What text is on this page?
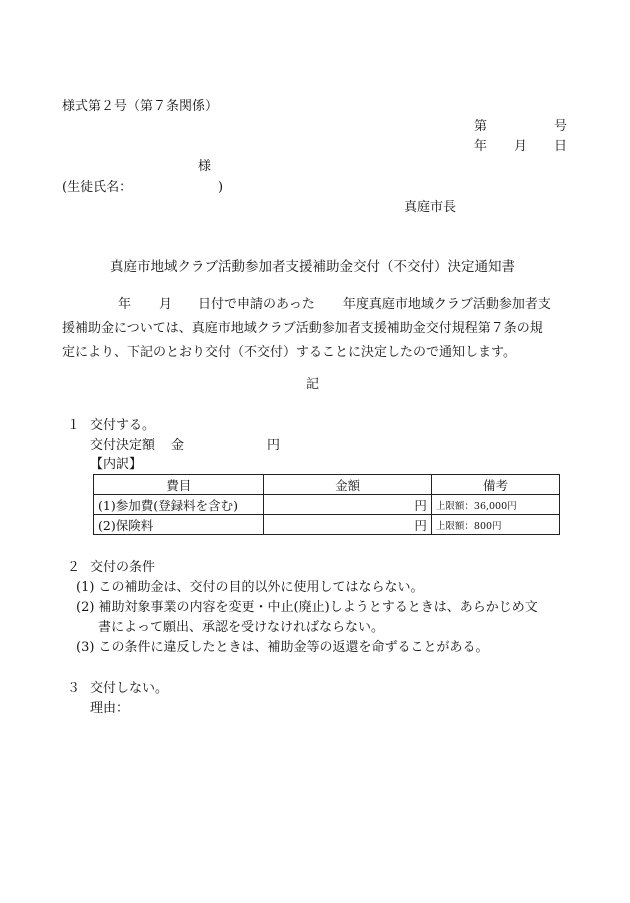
様式第２号（第７条関係）
第	号
年 月 日
様
(生徒氏名：	)
真庭市長
真庭市地域クラブ活動参加者支援補助金交付（不交付）決定通知書
年 月 日付で申請のあった 年度真庭市地域クラブ活動参加者支
援補助金については、真庭市地域クラブ活動参加者支援補助金交付規程第７条の規
定により、下記のとおり交付（不交付）することに決定したので通知します。
記
１ 交付する。
交付決定額 金	円
【内訳】
費目	金額	備考
(1)参加費(登録料を含む)	円	上限額：36,000円
(2)保険料	円	上限額：800円
２ 交付の条件
(1) この補助金は、交付の目的以外に使用してはならない。
(2) 補助対象事業の内容を変更・中止(廃止)しようとするときは、あらかじめ文
書によって願出、承認を受けなければならない。
(3) この条件に違反したときは、補助金等の返還を命ずることがある。
３ 交付しない。
理由：
